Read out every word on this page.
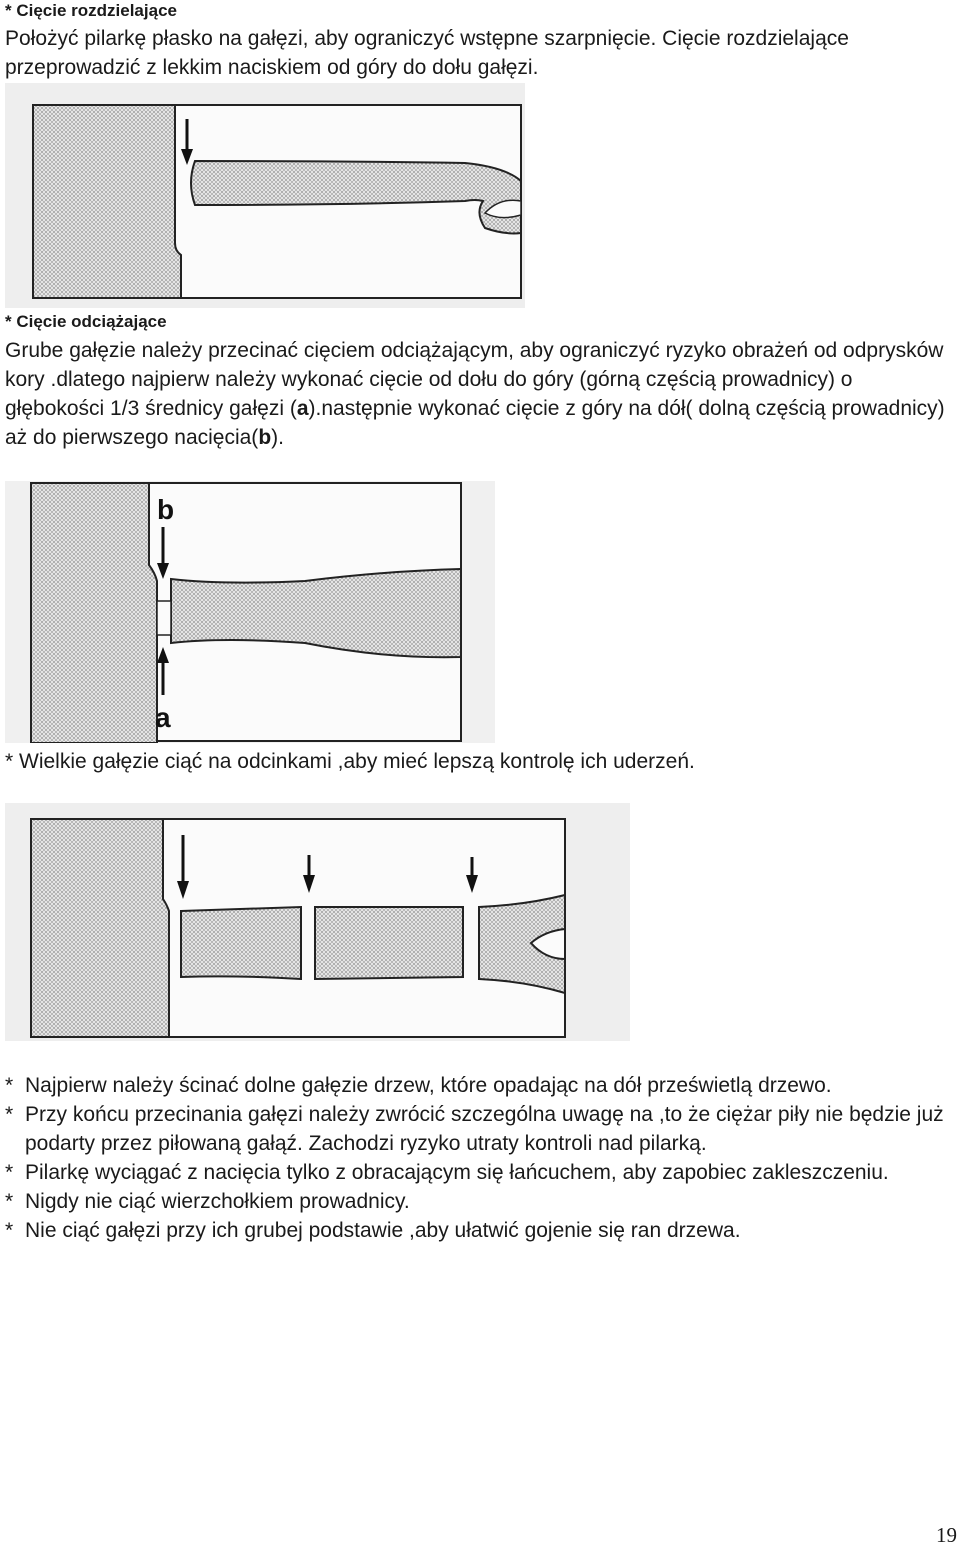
* Cięcie rozdzielające

Położyć pilarkę płasko na gałęzi, aby ograniczyć wstępne szarpnięcie. Cięcie rozdzielające przeprowadzić z lekkim naciskiem od góry do dołu gałęzi.

* Cięcie odciążające

Grube gałęzie należy przecinać cięciem odciążającym, aby ograniczyć ryzyko obrażeń od odprysków kory .dlatego najpierw należy wykonać cięcie od dołu do góry (górną częścią prowadnicy) o głębokości 1/3 średnicy gałęzi (a).następnie wykonać cięcie z góry na dół( dolną częścią prowadnicy) aż do pierwszego nacięcia(b).

b
a

* Wielkie gałęzie ciąć na odcinkami ,aby mieć lepszą kontrolę ich uderzeń.

* Najpierw należy ścinać dolne gałęzie drzew, które opadając na dół prześwietlą drzewo.
* Przy końcu przecinania gałęzi należy zwrócić szczególna uwagę na ,to że ciężar piły nie będzie już podarty przez piłowaną gałąź. Zachodzi ryzyko utraty kontroli nad pilarką.
* Pilarkę wyciągać z nacięcia tylko z obracającym się łańcuchem, aby zapobiec zakleszczeniu.
* Nigdy nie ciąć wierzchołkiem prowadnicy.
* Nie ciąć gałęzi przy ich grubej podstawie ,aby ułatwić gojenie się ran drzewa.
19
